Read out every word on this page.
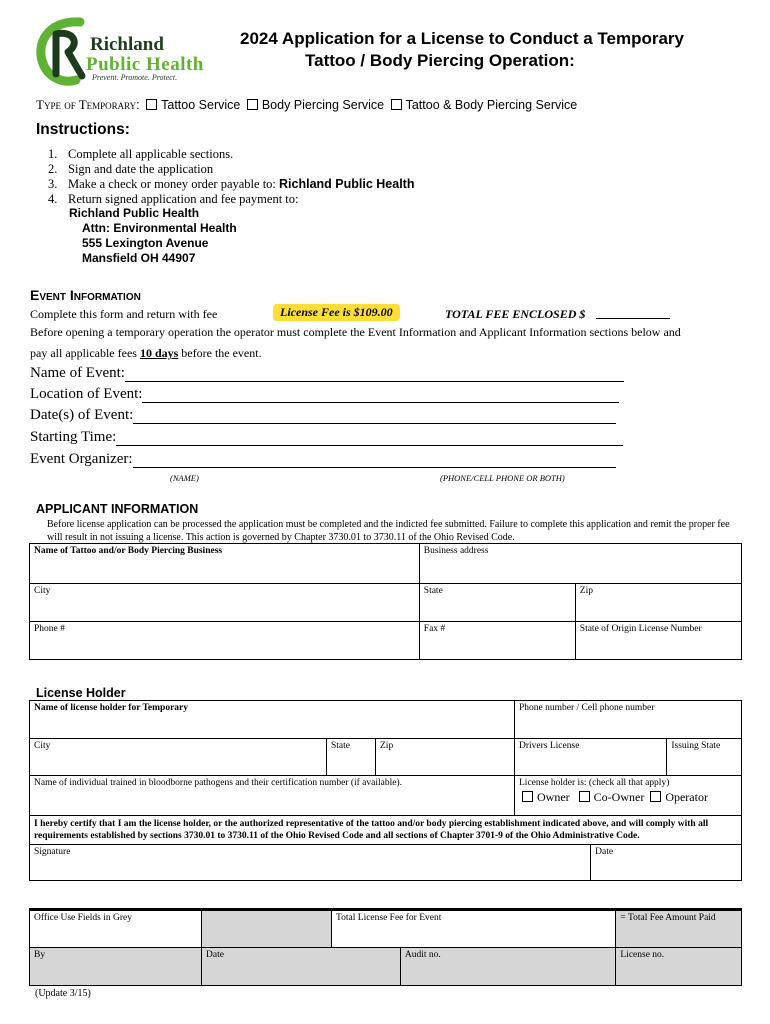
Richland
Public Health
Prevent. Promote. Protect.
2024 Application for a License to Conduct a Temporary
Tattoo / Body Piercing Operation:
Type of Temporary: Tattoo Service Body Piercing Service Tattoo & Body Piercing Service
Instructions:
1. Complete all applicable sections.
2. Sign and date the application
3. Make a check or money order payable to: Richland Public Health
4. Return signed application and fee payment to:
Richland Public Health
Attn: Environmental Health
555 Lexington Avenue
Mansfield OH 44907
Event Information
Complete this form and return with fee	License Fee is $109.00	TOTAL FEE ENCLOSED $
Before opening a temporary operation the operator must complete the Event Information and Applicant Information sections below and
pay all applicable fees 10 days before the event.
Name of Event:
Location of Event:
Date(s) of Event:
Starting Time:
Event Organizer:
(NAME)	(PHONE/CELL PHONE OR BOTH)
APPLICANT INFORMATION
Before license application can be processed the application must be completed and the indicted fee submitted. Failure to complete this application and remit the proper fee will result in not issuing a license. This action is governed by Chapter 3730.01 to 3730.11 of the Ohio Revised Code.
Name of Tattoo and/or Body Piercing Business	Business address	
City	State	Zip
Phone #	Fax #	State of Origin License Number
License Holder
Name of license holder for Temporary			Phone number / Cell phone number		
City	State	Zip	Drivers License		Issuing State
Name of individual trained in bloodborne pathogens and their certification number (if available).			License holder is: (check all that apply)
Owner Co-Owner Operator		

I hereby certify that I am the license holder, or the authorized representative of the tattoo and/or body piercing establishment indicated above, and will comply with all requirements established by sections 3730.01 to 3730.11 of the Ohio Revised Code and all sections of Chapter 3701-9 of the Ohio Administrative Code.					
Signature				Date	
Office Use Fields in Grey		Total License Fee for Event		= Total Fee Amount Paid
By	Date		Audit no.	License no.
(Update 3/15)
